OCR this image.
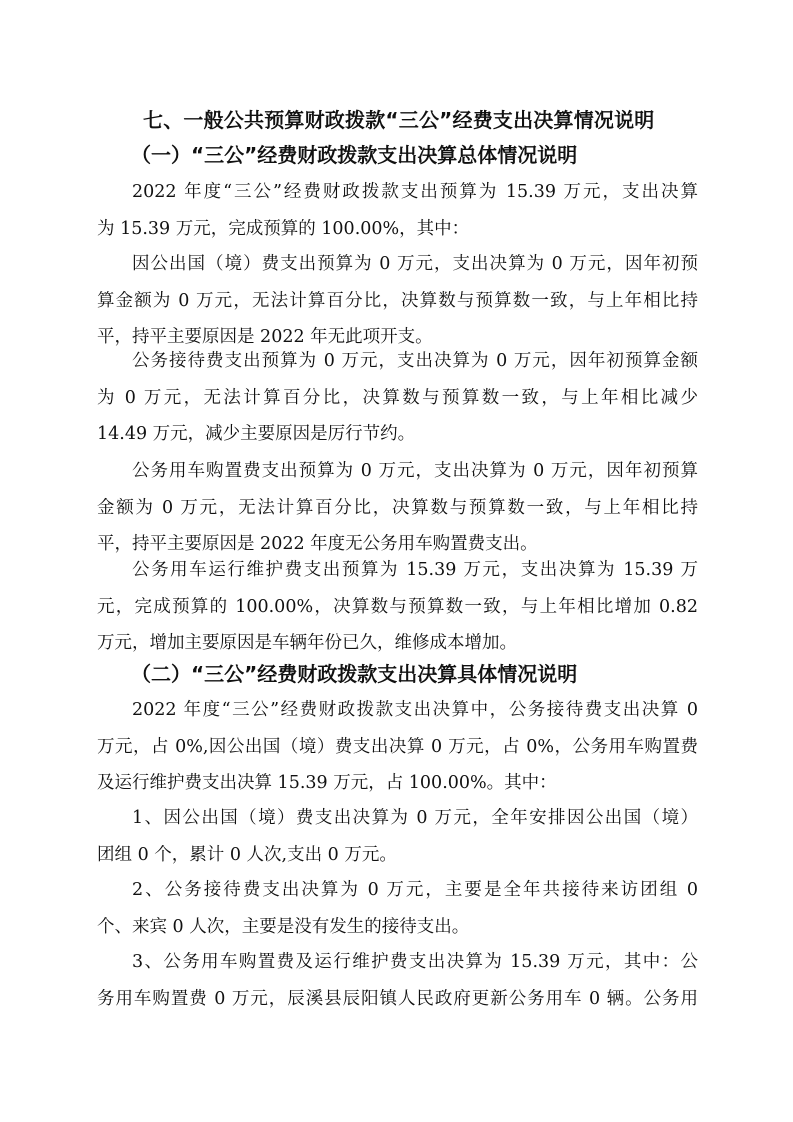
七、一般公共预算财政拨款“三公”经费支出决算情况说明
（一）“三公”经费财政拨款支出决算总体情况说明
2022 年度“三公”经费财政拨款支出预算为 15.39 万元，支出决算
为 15.39 万元，完成预算的 100.00%，其中：
因公出国（境）费支出预算为 0 万元，支出决算为 0 万元，因年初预
算金额为 0 万元，无法计算百分比，决算数与预算数一致，与上年相比持
平，持平主要原因是 2022 年无此项开支。
公务接待费支出预算为 0 万元，支出决算为 0 万元，因年初预算金额
为 0 万元，无法计算百分比，决算数与预算数一致，与上年相比减少
14.49 万元，减少主要原因是厉行节约。
公务用车购置费支出预算为 0 万元，支出决算为 0 万元，因年初预算
金额为 0 万元，无法计算百分比，决算数与预算数一致，与上年相比持
平，持平主要原因是 2022 年度无公务用车购置费支出。
公务用车运行维护费支出预算为 15.39 万元，支出决算为 15.39 万
元，完成预算的 100.00%，决算数与预算数一致，与上年相比增加 0.82
万元，增加主要原因是车辆年份已久，维修成本增加。
（二）“三公”经费财政拨款支出决算具体情况说明
2022 年度“三公”经费财政拨款支出决算中，公务接待费支出决算 0
万元，占 0%,因公出国（境）费支出决算 0 万元，占 0%，公务用车购置费
及运行维护费支出决算 15.39 万元，占 100.00%。其中：
1、因公出国（境）费支出决算为 0 万元，全年安排因公出国（境）
团组 0 个，累计 0 人次,支出 0 万元。
2、公务接待费支出决算为 0 万元，主要是全年共接待来访团组 0
个、来宾 0 人次，主要是没有发生的接待支出。
3、公务用车购置费及运行维护费支出决算为 15.39 万元，其中：公
务用车购置费 0 万元，辰溪县辰阳镇人民政府更新公务用车 0 辆。公务用
